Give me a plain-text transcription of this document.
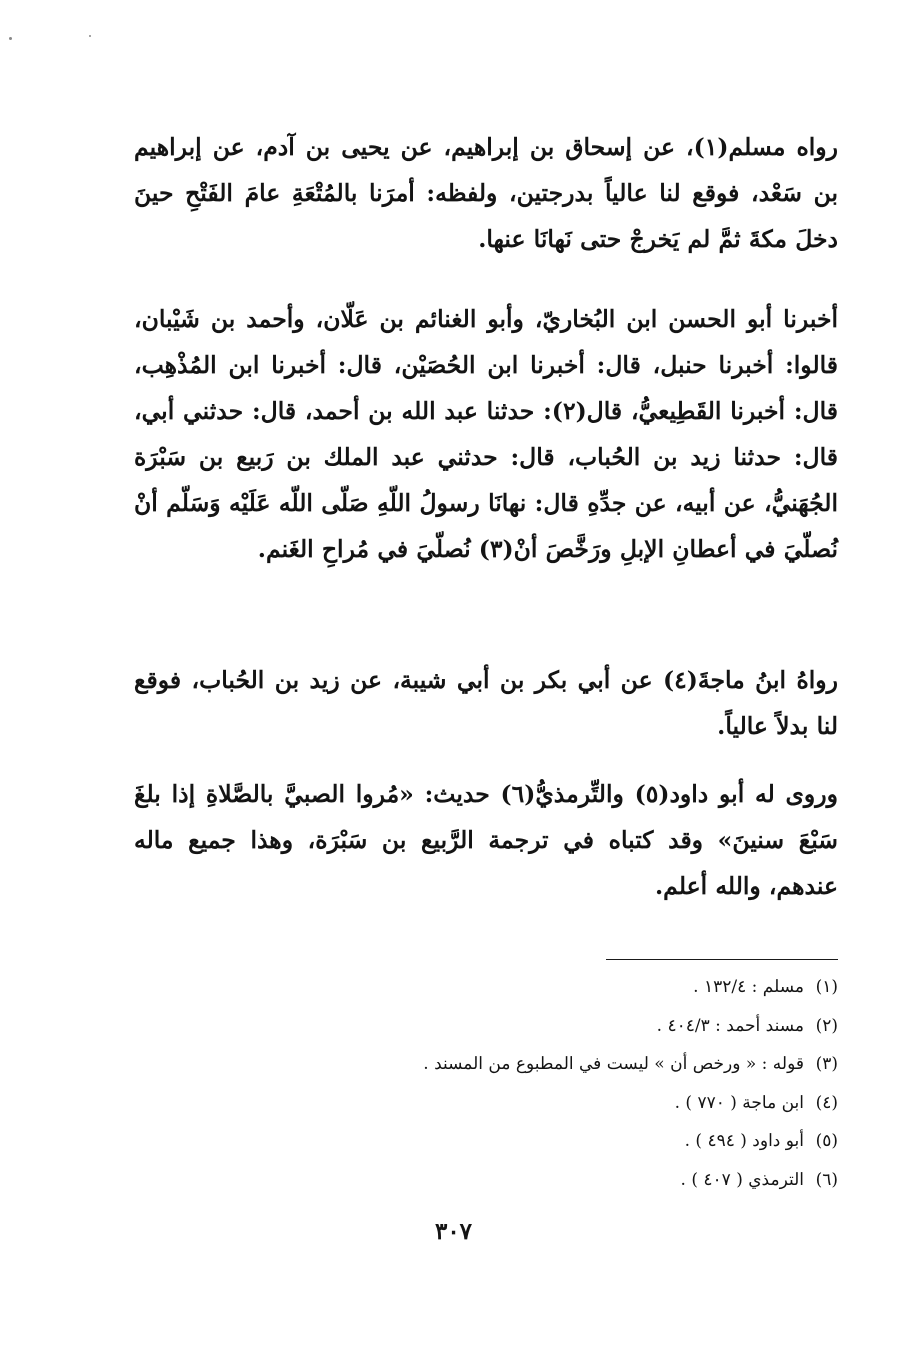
رواه مسلم(١)، عن إسحاق بن إبراهيم، عن يحيى بن آدم، عن إبراهيم بن سَعْد، فوقع لنا عالياً بدرجتين، ولفظه: أمرَنا بالمُتْعَةِ عامَ الفَتْحِ حينَ دخلَ مكةَ ثمَّ لم يَخرجْ حتى نَهانَا عنها.

أخبرنا أبو الحسن ابن البُخاريّ، وأبو الغنائم بن عَلّان، وأحمد بن شَيْبان، قالوا: أخبرنا حنبل، قال: أخبرنا ابن الحُصَيْن، قال: أخبرنا ابن المُذْهِب، قال: أخبرنا القَطِيعيُّ، قال(٢): حدثنا عبد الله بن أحمد، قال: حدثني أبي، قال: حدثنا زيد بن الحُباب، قال: حدثني عبد الملك بن رَبيع بن سَبْرَة الجُهَنيُّ، عن أبيه، عن جدِّهِ قال: نهانَا رسولُ اللّهِ صَلّى اللّه عَلَيْه وَسَلّم أنْ نُصلّيَ في أعطانِ الإبلِ ورَخَّصَ أنْ(٣) نُصلّيَ في مُراحِ الغَنم.

رواهُ ابنُ ماجةَ(٤) عن أبي بكر بن أبي شيبة، عن زيد بن الحُباب، فوقع لنا بدلاً عالياً.

وروى له أبو داود(٥) والتِّرمذيُّ(٦) حديث: «مُروا الصبيَّ بالصَّلاةِ إذا بلغَ سَبْعَ سنينَ» وقد كتباه في ترجمة الرَّبيع بن سَبْرَة، وهذا جميع ماله عندهم، والله أعلم.

(١)مسلم : ١٣٢/٤ .
(٢)مسند أحمد : ٤٠٤/٣ .
(٣)قوله : « ورخص أن » ليست في المطبوع من المسند .
(٤)ابن ماجة ( ٧٧٠ ) .
(٥)أبو داود ( ٤٩٤ ) .
(٦)الترمذي ( ٤٠٧ ) .
٣٠٧
